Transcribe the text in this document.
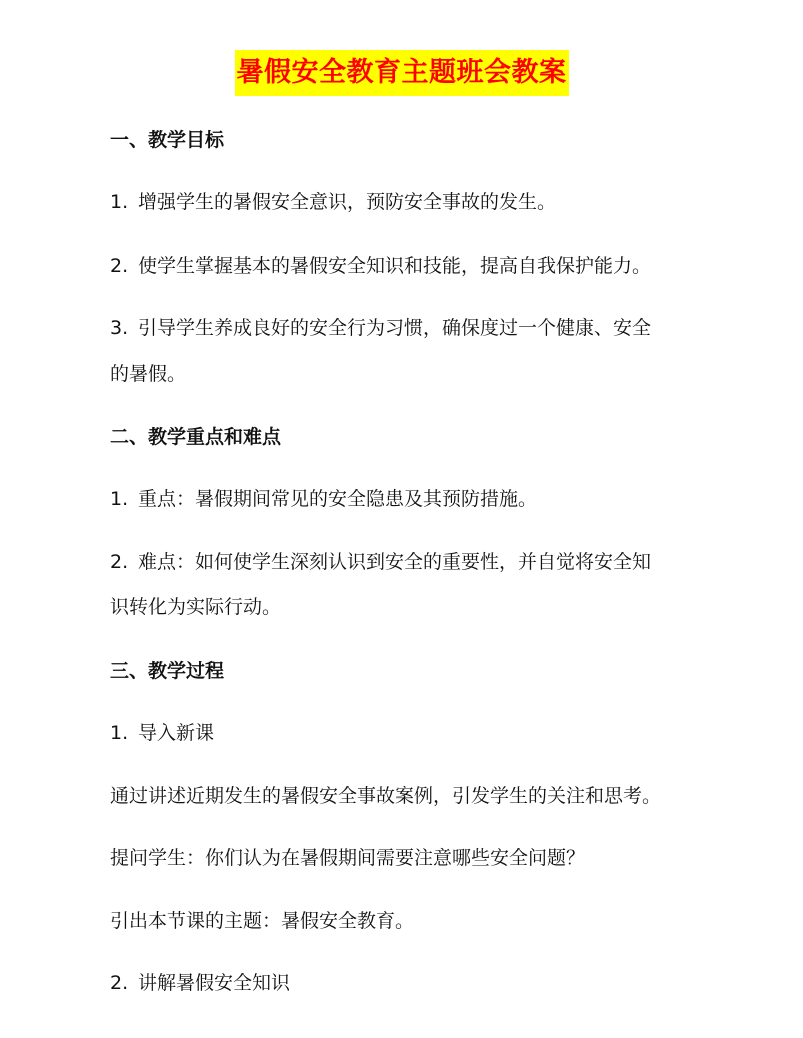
暑假安全教育主题班会教案
一、教学目标
1. 增强学生的暑假安全意识，预防安全事故的发生。
2. 使学生掌握基本的暑假安全知识和技能，提高自我保护能力。
3. 引导学生养成良好的安全行为习惯，确保度过一个健康、安全
的暑假。
二、教学重点和难点
1. 重点：暑假期间常见的安全隐患及其预防措施。
2. 难点：如何使学生深刻认识到安全的重要性，并自觉将安全知
识转化为实际行动。
三、教学过程
1. 导入新课
通过讲述近期发生的暑假安全事故案例，引发学生的关注和思考。
提问学生：你们认为在暑假期间需要注意哪些安全问题？
引出本节课的主题：暑假安全教育。
2. 讲解暑假安全知识
